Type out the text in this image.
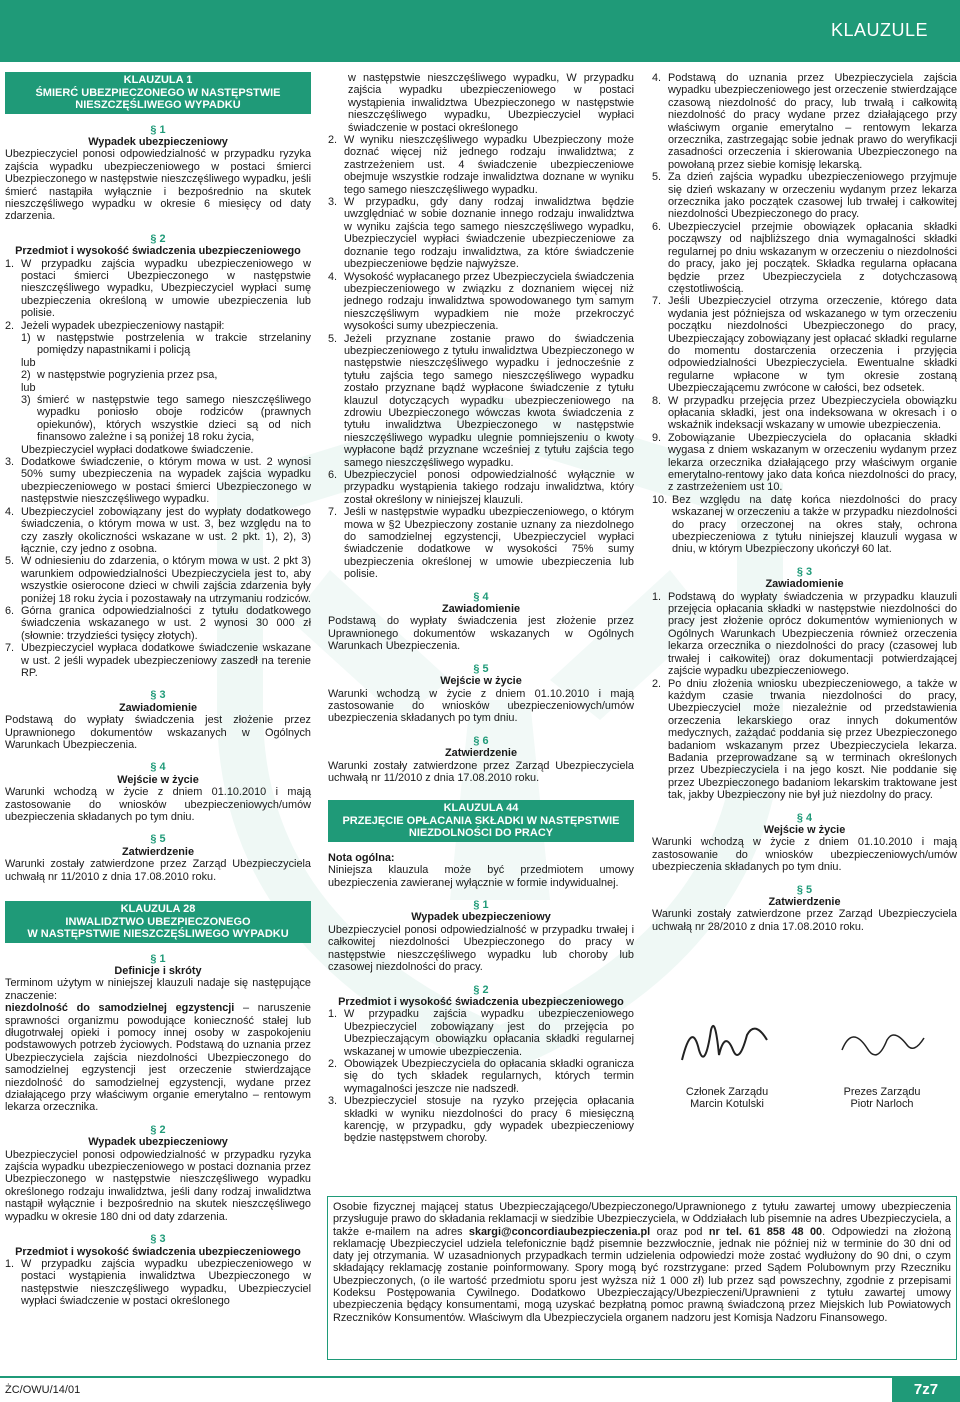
KLAUZULE
KLAUZULA 1
ŚMIERĆ UBEZPIECZONEGO W NASTĘPSTWIE NIESZCZĘŚLIWEGO WYPADKU
§ 1
Wypadek ubezpieczeniowy

Ubezpieczyciel ponosi odpowiedzialność w przypadku ryzyka zajścia wypadku ubezpieczeniowego w postaci śmierci Ubezpieczonego w następstwie nieszczęśliwego wypadku, jeśli śmierć nastąpiła wyłącznie i bezpośrednio na skutek nieszczęśliwego wypadku w okresie 6 miesięcy od daty zdarzenia.

§ 2
Przedmiot i wysokość świadczenia ubezpieczeniowego
1. W przypadku zajścia wypadku ubezpieczeniowego w postaci śmierci Ubezpieczonego w następstwie nieszczęśliwego wypadku, Ubezpieczyciel wypłaci sumę ubezpieczenia określoną w umowie ubezpieczenia lub polisie.
2. Jeżeli wypadek ubezpieczeniowy nastąpił:
1) w następstwie postrzelenia w trakcie strzelaniny pomiędzy napastnikami i policją
lub
2) w następstwie pogryzienia przez psa,
lub
3) śmierć w następstwie tego samego nieszczęśliwego wypadku poniosło oboje rodziców (prawnych opiekunów), których wszystkie dzieci są od nich finansowo zależne i są poniżej 18 roku życia,
Ubezpieczyciel wypłaci dodatkowe świadczenie.
3. Dodatkowe świadczenie, o którym mowa w ust. 2 wynosi 50% sumy ubezpieczenia na wypadek zajścia wypadku ubezpieczeniowego w postaci śmierci Ubezpieczonego w następstwie nieszczęśliwego wypadku.
4. Ubezpieczyciel zobowiązany jest do wypłaty dodatkowego świadczenia, o którym mowa w ust. 3, bez względu na to czy zaszły okoliczności wskazane w ust. 2 pkt. 1), 2), 3) łącznie, czy jedno z osobna.
5. W odniesieniu do zdarzenia, o którym mowa w ust. 2 pkt 3) warunkiem odpowiedzialności Ubezpieczyciela jest to, aby wszystkie osierocone dzieci w chwili zajścia zdarzenia były poniżej 18 roku życia i pozostawały na utrzymaniu rodziców.
6. Górna granica odpowiedzialności z tytułu dodatkowego świadczenia wskazanego w ust. 2 wynosi 30 000 zł (słownie: trzydzieści tysięcy złotych).
7. Ubezpieczyciel wypłaca dodatkowe świadczenie wskazane w ust. 2 jeśli wypadek ubezpieczeniowy zaszedł na terenie RP.
§ 3
Zawiadomienie

Podstawą do wypłaty świadczenia jest złożenie przez Uprawnionego dokumentów wskazanych w Ogólnych Warunkach Ubezpieczenia.

§ 4
Wejście w życie

Warunki wchodzą w życie z dniem 01.10.2010 i mają zastosowanie do wniosków ubezpieczeniowych/umów ubezpieczenia składanych po tym dniu.

§ 5
Zatwierdzenie

Warunki zostały zatwierdzone przez Zarząd Ubezpieczyciela uchwałą nr 11/2010 z dnia 17.08.2010 roku.

KLAUZULA 28
INWALIDZTWO UBEZPIECZONEGO
W NASTĘPSTWIE NIESZCZĘŚLIWEGO WYPADKU
§ 1
Definicje i skróty

Terminom użytym w niniejszej klauzuli nadaje się następujące znaczenie:
niezdolność do samodzielnej egzystencji – naruszenie sprawności organizmu powodujące konieczność stałej lub długotrwałej opieki i pomocy innej osoby w zaspokojeniu podstawowych potrzeb życiowych. Podstawą do uznania przez Ubezpieczyciela zajścia niezdolności Ubezpieczonego do samodzielnej egzystencji jest orzeczenie stwierdzające niezdolność do samodzielnej egzystencji, wydane przez działającego przy właściwym organie emerytalno – rentowym lekarza orzecznika.

§ 2
Wypadek ubezpieczeniowy

Ubezpieczyciel ponosi odpowiedzialność w przypadku ryzyka zajścia wypadku ubezpieczeniowego w postaci doznania przez Ubezpieczonego w następstwie nieszczęśliwego wypadku określonego rodzaju inwalidztwa, jeśli dany rodzaj inwalidztwa nastąpił wyłącznie i bezpośrednio na skutek nieszczęśliwego wypadku w okresie 180 dni od daty zdarzenia.

§ 3
Przedmiot i wysokość świadczenia ubezpieczeniowego
1. W przypadku zajścia wypadku ubezpieczeniowego w postaci wystąpienia inwalidztwa Ubezpieczonego w następstwie nieszczęśliwego wypadku, Ubezpieczyciel wypłaci świadczenie w postaci określonego

w następstwie nieszczęśliwego wypadku, W przypadku zajścia wypadku ubezpieczeniowego w postaci wystąpienia inwalidztwa Ubezpieczonego w następstwie nieszczęśliwego wypadku, Ubezpieczyciel wypłaci świadczenie w postaci określonego

2. W wyniku nieszczęśliwego wypadku Ubezpieczony może doznać więcej niż jednego rodzaju inwalidztwa; z zastrzeżeniem ust. 4 świadczenie ubezpieczeniowe obejmuje wszystkie rodzaje inwalidztwa doznane w wyniku tego samego nieszczęśliwego wypadku.
3. W przypadku, gdy dany rodzaj inwalidztwa będzie uwzględniać w sobie doznanie innego rodzaju inwalidztwa w wyniku zajścia tego samego nieszczęśliwego wypadku, Ubezpieczyciel wypłaci świadczenie ubezpieczeniowe za doznanie tego rodzaju inwalidztwa, za które świadczenie ubezpieczeniowe będzie najwyższe.
4. Wysokość wypłacanego przez Ubezpieczyciela świadczenia ubezpieczeniowego w związku z doznaniem więcej niż jednego rodzaju inwalidztwa spowodowanego tym samym nieszczęśliwym wypadkiem nie może przekroczyć wysokości sumy ubezpieczenia.
5. Jeżeli przyznane zostanie prawo do świadczenia ubezpieczeniowego z tytułu inwalidztwa Ubezpieczonego w następstwie nieszczęśliwego wypadku i jednocześnie z tytułu zajścia tego samego nieszczęśliwego wypadku zostało przyznane bądź wypłacone świadczenie z tytułu klauzul dotyczących wypadku ubezpieczeniowego na zdrowiu Ubezpieczonego wówczas kwota świadczenia z tytułu inwalidztwa Ubezpieczonego w następstwie nieszczęśliwego wypadku ulegnie pomniejszeniu o kwoty wypłacone bądź przyznane wcześniej z tytułu zajścia tego samego nieszczęśliwego wypadku.
6. Ubezpieczyciel ponosi odpowiedzialność wyłącznie w przypadku wystąpienia takiego rodzaju inwalidztwa, który został określony w niniejszej klauzuli.
7. Jeśli w następstwie wypadku ubezpieczeniowego, o którym mowa w §2 Ubezpieczony zostanie uznany za niezdolnego do samodzielnej egzystencji, Ubezpieczyciel wypłaci świadczenie dodatkowe w wysokości 75% sumy ubezpieczenia określonej w umowie ubezpieczenia lub polisie.
§ 4
Zawiadomienie

Podstawą do wypłaty świadczenia jest złożenie przez Uprawnionego dokumentów wskazanych w Ogólnych Warunkach Ubezpieczenia.

§ 5
Wejście w życie

Warunki wchodzą w życie z dniem 01.10.2010 i mają zastosowanie do wniosków ubezpieczeniowych/umów ubezpieczenia składanych po tym dniu.

§ 6
Zatwierdzenie

Warunki zostały zatwierdzone przez Zarząd Ubezpieczyciela uchwałą nr 11/2010 z dnia 17.08.2010 roku.

KLAUZULA 44
PRZEJĘCIE OPŁACANIA SKŁADKI W NASTĘPSTWIE NIEZDOLNOŚCI DO PRACY

Nota ogólna:
Niniejsza klauzula może być przedmiotem umowy ubezpieczenia zawieranej wyłącznie w formie indywidualnej.

§ 1
Wypadek ubezpieczeniowy

Ubezpieczyciel ponosi odpowiedzialność w przypadku trwałej i całkowitej niezdolności Ubezpieczonego do pracy w następstwie nieszczęśliwego wypadku lub choroby lub czasowej niezdolności do pracy.

§ 2
Przedmiot i wysokość świadczenia ubezpieczeniowego
1. W przypadku zajścia wypadku ubezpieczeniowego Ubezpieczyciel zobowiązany jest do przejęcia po Ubezpieczającym obowiązku opłacania składki regularnej wskazanej w umowie ubezpieczenia.
2. Obowiązek Ubezpieczyciela do opłacania składki ogranicza się do tych składek regularnych, których termin wymagalności jeszcze nie nadszedł.
3. Ubezpieczyciel stosuje na ryzyko przejęcia opłacania składki w wyniku niezdolności do pracy 6 miesięczną karencję, w przypadku, gdy wypadek ubezpieczeniowy będzie następstwem choroby.
4. Podstawą do uznania przez Ubezpieczyciela zajścia wypadku ubezpieczeniowego jest orzeczenie stwierdzające czasową niezdolność do pracy, lub trwałą i całkowitą niezdolność do pracy wydane przez działającego przy właściwym organie emerytalno – rentowym lekarza orzecznika, zastrzegając sobie jednak prawo do weryfikacji zasadności orzeczenia i skierowania Ubezpieczonego na powołaną przez siebie komisję lekarską.
5. Za dzień zajścia wypadku ubezpieczeniowego przyjmuje się dzień wskazany w orzeczeniu wydanym przez lekarza orzecznika jako początek czasowej lub trwałej i całkowitej niezdolności Ubezpieczonego do pracy.
6. Ubezpieczyciel przejmie obowiązek opłacania składki począwszy od najbliższego dnia wymagalności składki regularnej po dniu wskazanym w orzeczeniu o niezdolności do pracy, jako jej początek. Składka regularna opłacana będzie przez Ubezpieczyciela z dotychczasową częstotliwością.
7. Jeśli Ubezpieczyciel otrzyma orzeczenie, którego data wydania jest późniejsza od wskazanego w tym orzeczeniu początku niezdolności Ubezpieczonego do pracy, Ubezpieczający zobowiązany jest opłacać składki regularne do momentu dostarczenia orzeczenia i przyjęcia odpowiedzialności Ubezpieczyciela. Ewentualne składki regularne wpłacone w tym okresie zostaną Ubezpieczającemu zwrócone w całości, bez odsetek.
8. W przypadku przejęcia przez Ubezpieczyciela obowiązku opłacania składki, jest ona indeksowana w okresach i o wskaźnik indeksacji wskazany w umowie ubezpieczenia.
9. Zobowiązanie Ubezpieczyciela do opłacania składki wygasa z dniem wskazanym w orzeczeniu wydanym przez lekarza orzecznika działającego przy właściwym organie emerytalno-rentowy jako data końca niezdolności do pracy, z zastrzeżeniem ust 10.
10. Bez względu na datę końca niezdolności do pracy wskazanej w orzeczeniu a także w przypadku niezdolności do pracy orzeczonej na okres stały, ochrona ubezpieczeniowa z tytułu niniejszej klauzuli wygasa w dniu, w którym Ubezpieczony ukończył 60 lat.
§ 3
Zawiadomienie
1. Podstawą do wypłaty świadczenia w przypadku klauzuli przejęcia opłacania składki w następstwie niezdolności do pracy jest złożenie oprócz dokumentów wymienionych w Ogólnych Warunkach Ubezpieczenia również orzeczenia lekarza orzecznika o niezdolności do pracy (czasowej lub trwałej i całkowitej) oraz dokumentacji potwierdzającej zajście wypadku ubezpieczeniowego.
2. Po dniu złożenia wniosku ubezpieczeniowego, a także w każdym czasie trwania niezdolności do pracy, Ubezpieczyciel może niezależnie od przedstawienia orzeczenia lekarskiego oraz innych dokumentów medycznych, zażądać poddania się przez Ubezpieczonego badaniom wskazanym przez Ubezpieczyciela lekarza. Badania przeprowadzane są w terminach określonych przez Ubezpieczyciela i na jego koszt. Nie poddanie się przez Ubezpieczonego badaniom lekarskim traktowane jest tak, jakby Ubezpieczony nie był już niezdolny do pracy.
§ 4
Wejście w życie

Warunki wchodzą w życie z dniem 01.10.2010 i mają zastosowanie do wniosków ubezpieczeniowych/umów ubezpieczenia składanych po tym dniu.

§ 5
Zatwierdzenie

Warunki zostały zatwierdzone przez Zarząd Ubezpieczyciela uchwałą nr 28/2010 z dnia 17.08.2010 roku.

Członek Zarządu
Marcin Kotulski
Prezes Zarządu
Piotr Narloch
Osobie fizycznej mającej status Ubezpieczającego/Ubezpieczonego/Uprawnionego z tytułu zawartej umowy ubezpieczenia przysługuje prawo do składania reklamacji w siedzibie Ubezpieczyciela, w Oddziałach lub pisemnie na adres Ubezpieczyciela, a także e-mailem na adres skargi@concordiaubezpieczenia.pl oraz pod nr tel. 61 858 48 00. Odpowiedzi na złożoną reklamację Ubezpieczyciel udziela telefonicznie bądź pisemnie bezzwłocznie, jednak nie później niż w terminie do 30 dni od daty jej otrzymania. W uzasadnionych przypadkach termin udzielenia odpowiedzi może zostać wydłużony do 90 dni, o czym składający reklamację zostanie poinformowany. Spory mogą być rozstrzygane: przed Sądem Polubownym przy Rzeczniku Ubezpieczonych, (o ile wartość przedmiotu sporu jest wyższa niż 1 000 zł) lub przez sąd powszechny, zgodnie z przepisami Kodeksu Postępowania Cywilnego. Dodatkowo Ubezpieczający/Ubezpieczeni/Uprawnieni z tytułu zawartej umowy ubezpieczenia będący konsumentami, mogą uzyskać bezpłatną pomoc prawną świadczoną przez Miejskich lub Powiatowych Rzeczników Konsumentów. Właściwym dla Ubezpieczyciela organem nadzoru jest Komisja Nadzoru Finansowego.
ŻC/OWU/14/01	7z7
